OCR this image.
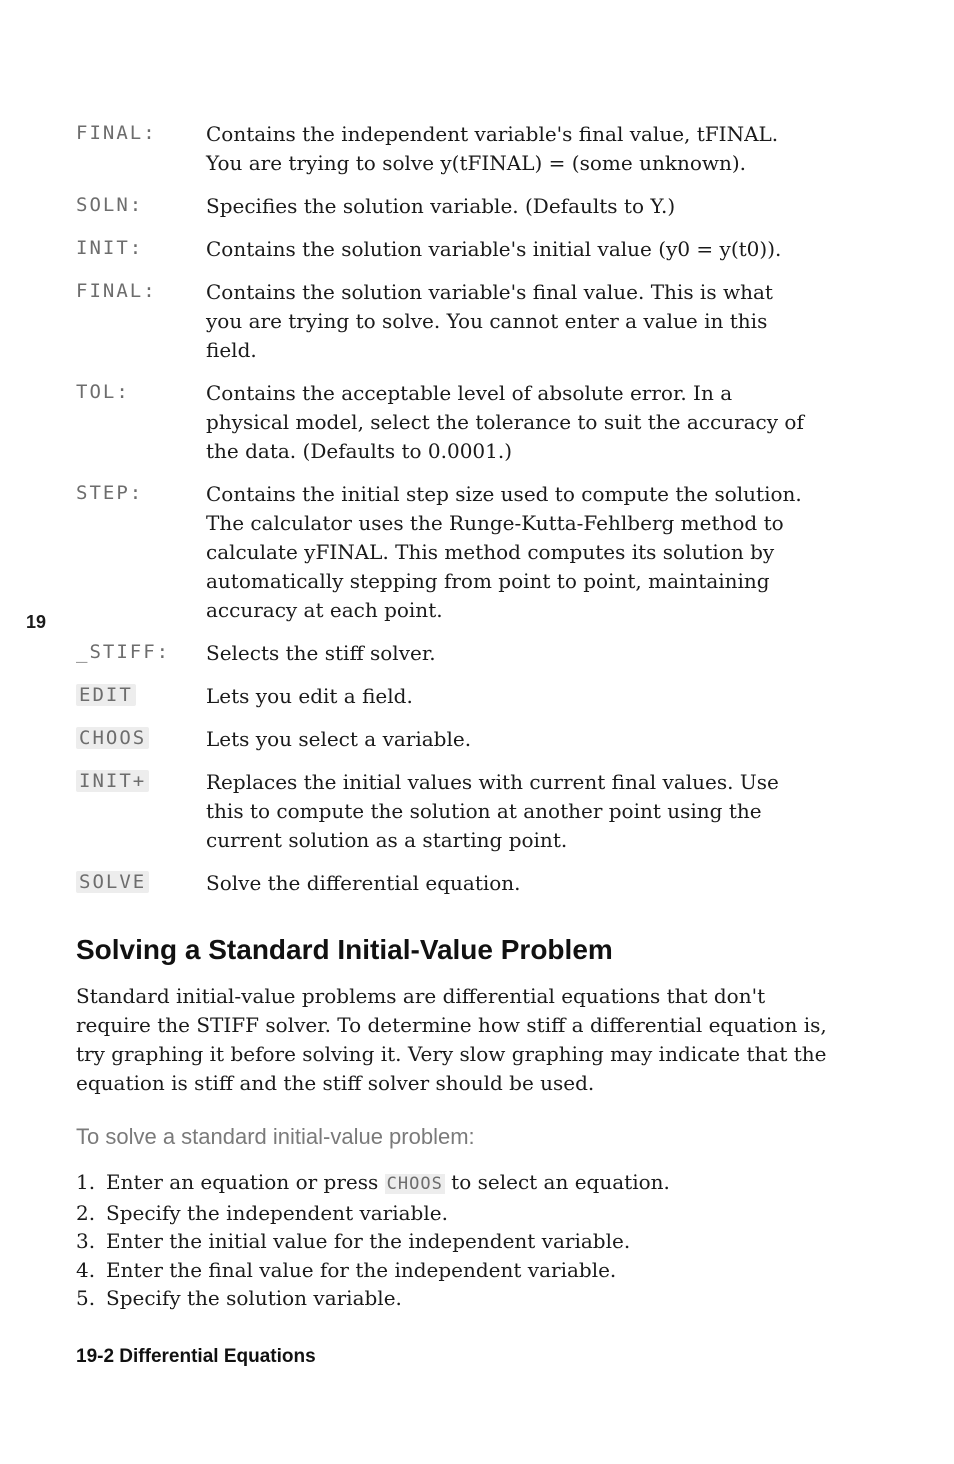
19
FINAL:	Contains the independent variable's final value, tFINAL.

You are trying to solve y(tFINAL) = (some unknown).

SOLN:	Specifies the solution variable. (Defaults to Y.)

INIT:	Contains the solution variable's initial value (y0 = y(t0)).

FINAL:	Contains the solution variable's final value. This is what

you are trying to solve. You cannot enter a value in this

field.

TOL:	Contains the acceptable level of absolute error. In a

physical model, select the tolerance to suit the accuracy of

the data. (Defaults to 0.0001.)

STEP:	Contains the initial step size used to compute the solution.

The calculator uses the Runge-Kutta-Fehlberg method to

calculate yFINAL. This method computes its solution by

automatically stepping from point to point, maintaining

accuracy at each point.

_STIFF:	Selects the stiff solver.

EDIT	Lets you edit a field.

CHOOS	Lets you select a variable.

INIT+	Replaces the initial values with current final values. Use

this to compute the solution at another point using the

current solution as a starting point.

SOLVE	Solve the differential equation.

Solving a Standard Initial-Value Problem

Standard initial-value problems are differential equations that don't require the STIFF solver. To determine how stiff a differential equation is, try graphing it before solving it. Very slow graphing may indicate that the equation is stiff and the stiff solver should be used.

To solve a standard initial-value problem:

1. Enter an equation or press CHOOS to select an equation.
2. Specify the independent variable.
3. Enter the initial value for the independent variable.
4. Enter the final value for the independent variable.
5. Specify the solution variable.
19-2 Differential Equations
